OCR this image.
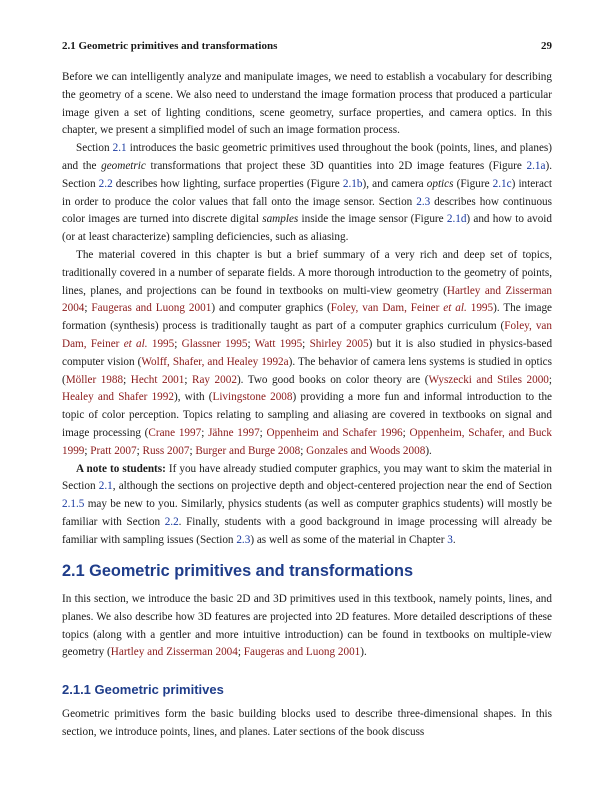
2.1 Geometric primitives and transformations	29

Before we can intelligently analyze and manipulate images, we need to establish a vocabulary for describing the geometry of a scene. We also need to understand the image formation process that produced a particular image given a set of lighting conditions, scene geometry, surface properties, and camera optics. In this chapter, we present a simplified model of such an image formation process.

Section 2.1 introduces the basic geometric primitives used throughout the book (points, lines, and planes) and the geometric transformations that project these 3D quantities into 2D image features (Figure 2.1a). Section 2.2 describes how lighting, surface properties (Figure 2.1b), and camera optics (Figure 2.1c) interact in order to produce the color values that fall onto the image sensor. Section 2.3 describes how continuous color images are turned into discrete digital samples inside the image sensor (Figure 2.1d) and how to avoid (or at least characterize) sampling deficiencies, such as aliasing.

The material covered in this chapter is but a brief summary of a very rich and deep set of topics, traditionally covered in a number of separate fields. A more thorough introduction to the geometry of points, lines, planes, and projections can be found in textbooks on multi-view geometry (Hartley and Zisserman 2004; Faugeras and Luong 2001) and computer graphics (Foley, van Dam, Feiner et al. 1995). The image formation (synthesis) process is traditionally taught as part of a computer graphics curriculum (Foley, van Dam, Feiner et al. 1995; Glassner 1995; Watt 1995; Shirley 2005) but it is also studied in physics-based computer vision (Wolff, Shafer, and Healey 1992a). The behavior of camera lens systems is studied in optics (Möller 1988; Hecht 2001; Ray 2002). Two good books on color theory are (Wyszecki and Stiles 2000; Healey and Shafer 1992), with (Livingstone 2008) providing a more fun and informal introduction to the topic of color perception. Topics relating to sampling and aliasing are covered in textbooks on signal and image processing (Crane 1997; Jähne 1997; Oppenheim and Schafer 1996; Oppenheim, Schafer, and Buck 1999; Pratt 2007; Russ 2007; Burger and Burge 2008; Gonzales and Woods 2008).

A note to students: If you have already studied computer graphics, you may want to skim the material in Section 2.1, although the sections on projective depth and object-centered projection near the end of Section 2.1.5 may be new to you. Similarly, physics students (as well as computer graphics students) will mostly be familiar with Section 2.2. Finally, students with a good background in image processing will already be familiar with sampling issues (Section 2.3) as well as some of the material in Chapter 3.

2.1 Geometric primitives and transformations

In this section, we introduce the basic 2D and 3D primitives used in this textbook, namely points, lines, and planes. We also describe how 3D features are projected into 2D features. More detailed descriptions of these topics (along with a gentler and more intuitive introduction) can be found in textbooks on multiple-view geometry (Hartley and Zisserman 2004; Faugeras and Luong 2001).

2.1.1 Geometric primitives

Geometric primitives form the basic building blocks used to describe three-dimensional shapes. In this section, we introduce points, lines, and planes. Later sections of the book discuss
